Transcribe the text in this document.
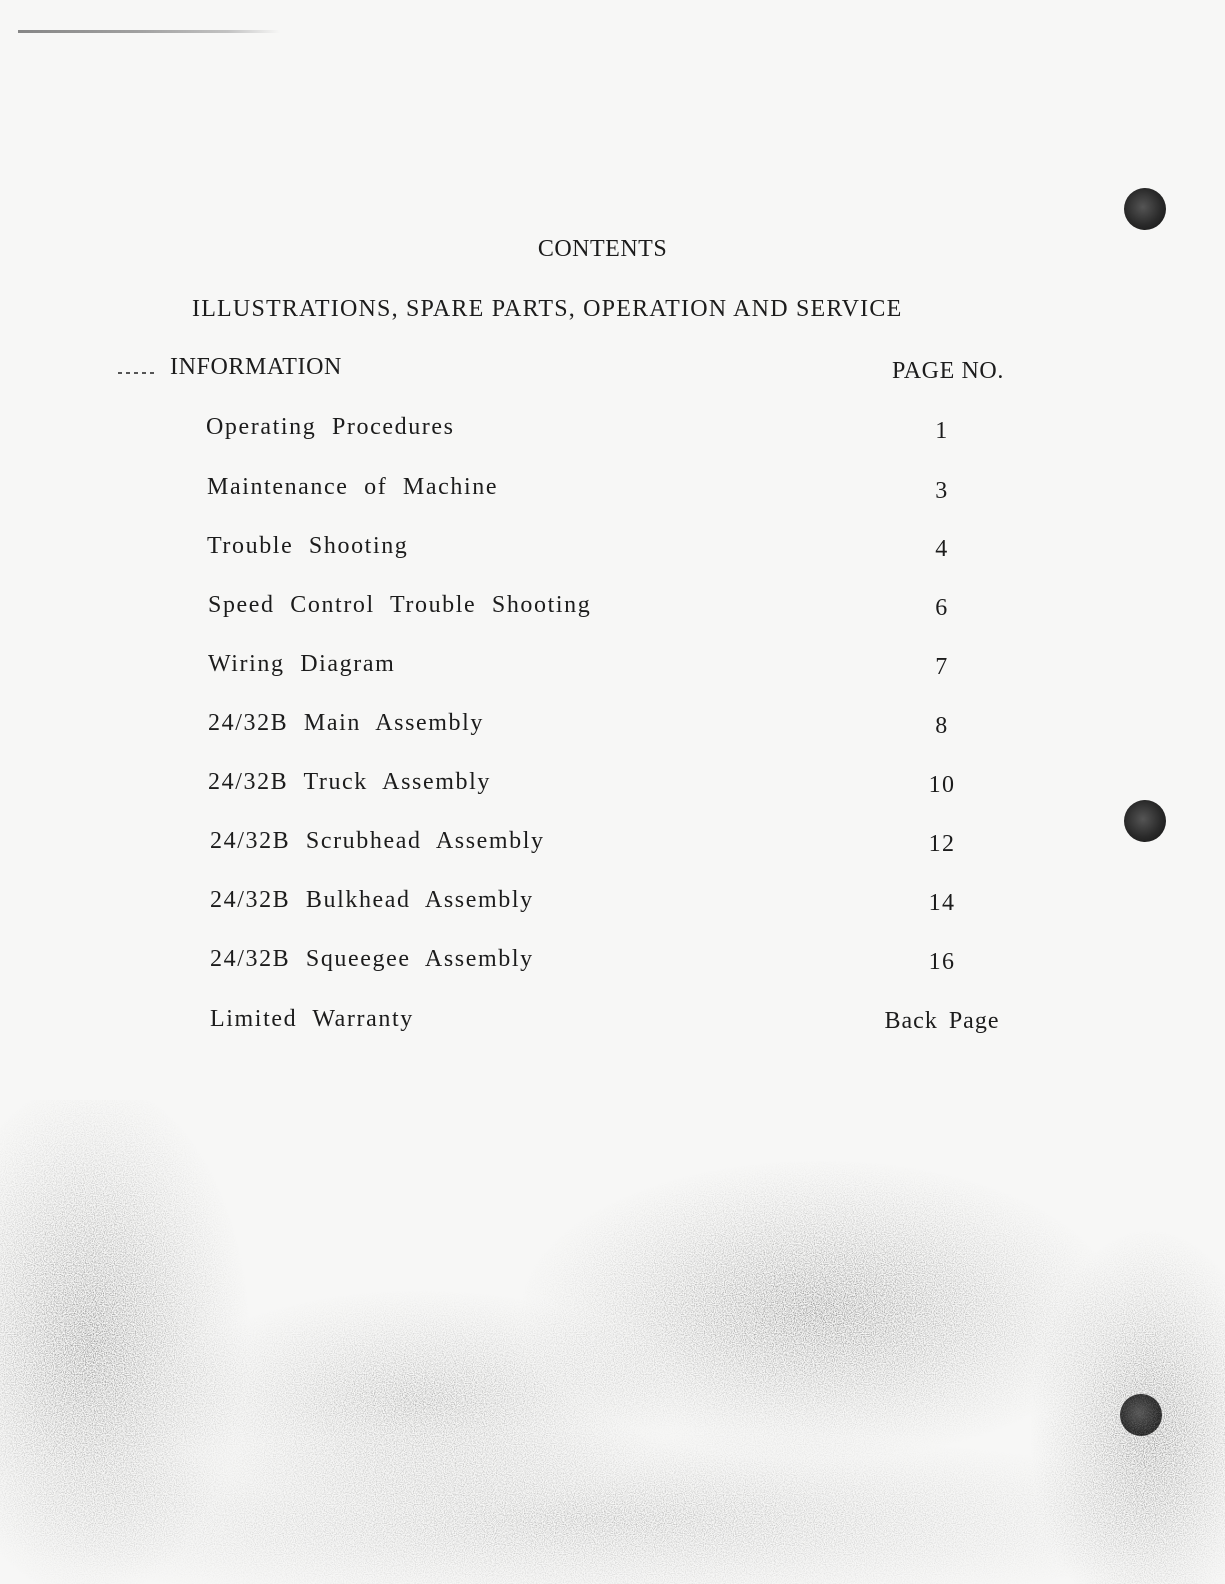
CONTENTS
ILLUSTRATIONS, SPARE PARTS, OPERATION AND SERVICE
INFORMATION	PAGE NO.
Operating Procedures	1
Maintenance of Machine	3
Trouble Shooting	4
Speed Control Trouble Shooting	6
Wiring Diagram	7
24/32B Main Assembly	8
24/32B Truck Assembly	10
24/32B Scrubhead Assembly	12
24/32B Bulkhead Assembly	14
24/32B Squeegee Assembly	16
Limited Warranty	Back Page
